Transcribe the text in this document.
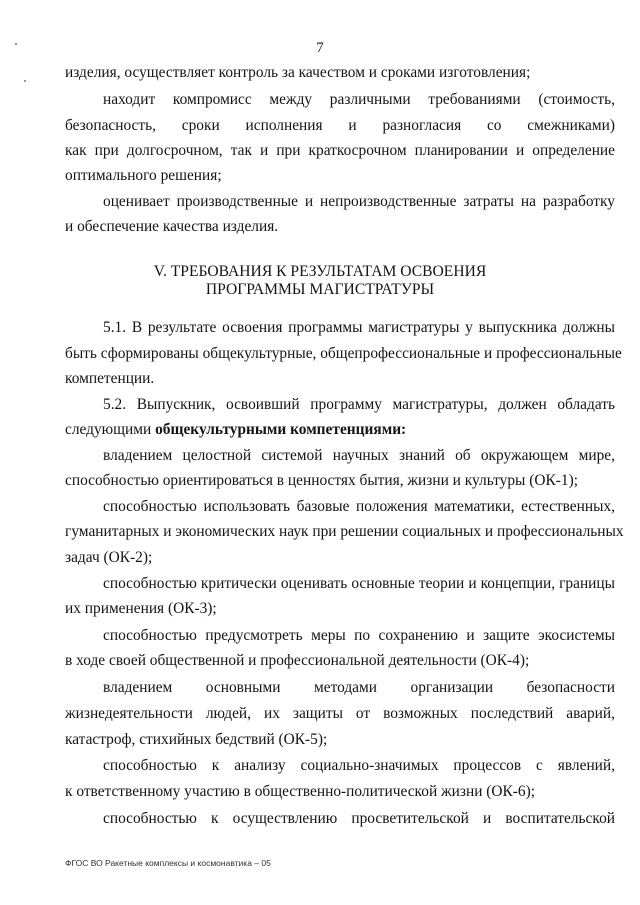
7
изделия, осуществляет контроль за качеством и сроками изготовления;
находит компромисс между различными требованиями (стоимость,
безопасность, сроки исполнения и разногласия со смежниками)
как при долгосрочном, так и при краткосрочном планировании и определение
оптимального решения;
оценивает производственные и непроизводственные затраты на разработку
и обеспечение качества изделия.
V. ТРЕБОВАНИЯ К РЕЗУЛЬТАТАМ ОСВОЕНИЯ
ПРОГРАММЫ МАГИСТРАТУРЫ
5.1. В результате освоения программы магистратуры у выпускника должны
быть сформированы общекультурные, общепрофессиональные и профессиональные
компетенции.
5.2. Выпускник, освоивший программу магистратуры, должен обладать
следующими общекультурными компетенциями:
владением целостной системой научных знаний об окружающем мире,
способностью ориентироваться в ценностях бытия, жизни и культуры (ОК-1);
способностью использовать базовые положения математики, естественных,
гуманитарных и экономических наук при решении социальных и профессиональных
задач (ОК-2);
способностью критически оценивать основные теории и концепции, границы
их применения (ОК-3);
способностью предусмотреть меры по сохранению и защите экосистемы
в ходе своей общественной и профессиональной деятельности (ОК-4);
владением основными методами организации безопасности
жизнедеятельности людей, их защиты от возможных последствий аварий,
катастроф, стихийных бедствий (ОК-5);
способностью к анализу социально-значимых процессов с явлений,
к ответственному участию в общественно-политической жизни (ОК-6);
способностью к осуществлению просветительской и воспитательской
ФГОС ВО Ракетные комплексы и космонавтика – 05
